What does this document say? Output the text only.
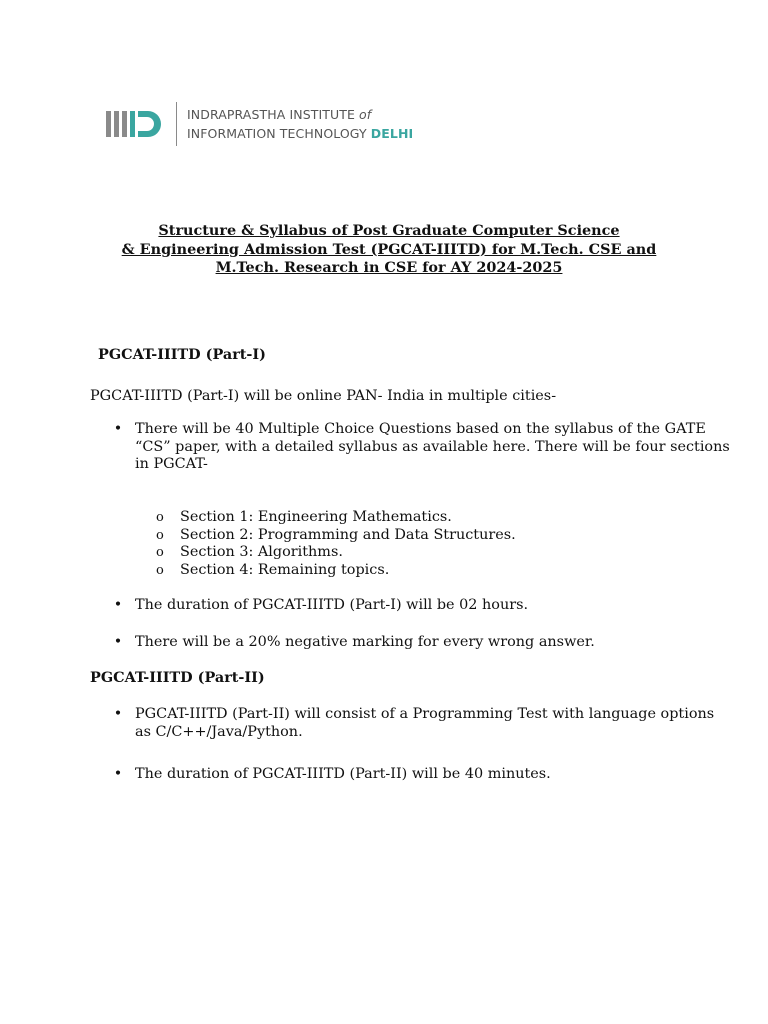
INDRAPRASTHA INSTITUTE of
INFORMATION TECHNOLOGY DELHI
Structure & Syllabus of Post Graduate Computer Science
& Engineering Admission Test (PGCAT-IIITD) for M.Tech. CSE and
M.Tech. Research in CSE for AY 2024-2025
PGCAT-IIITD (Part-I)
PGCAT-IIITD (Part-I) will be online PAN- India in multiple cities-
• There will be 40 Multiple Choice Questions based on the syllabus of the GATE
“CS” paper, with a detailed syllabus as available here. There will be four sections
in PGCAT-
o Section 1: Engineering Mathematics.
o Section 2: Programming and Data Structures.
o Section 3: Algorithms.
o Section 4: Remaining topics.
• The duration of PGCAT-IIITD (Part-I) will be 02 hours.
• There will be a 20% negative marking for every wrong answer.
PGCAT-IIITD (Part-II)
• PGCAT-IIITD (Part-II) will consist of a Programming Test with language options
as C/C++/Java/Python.
• The duration of PGCAT-IIITD (Part-II) will be 40 minutes.
